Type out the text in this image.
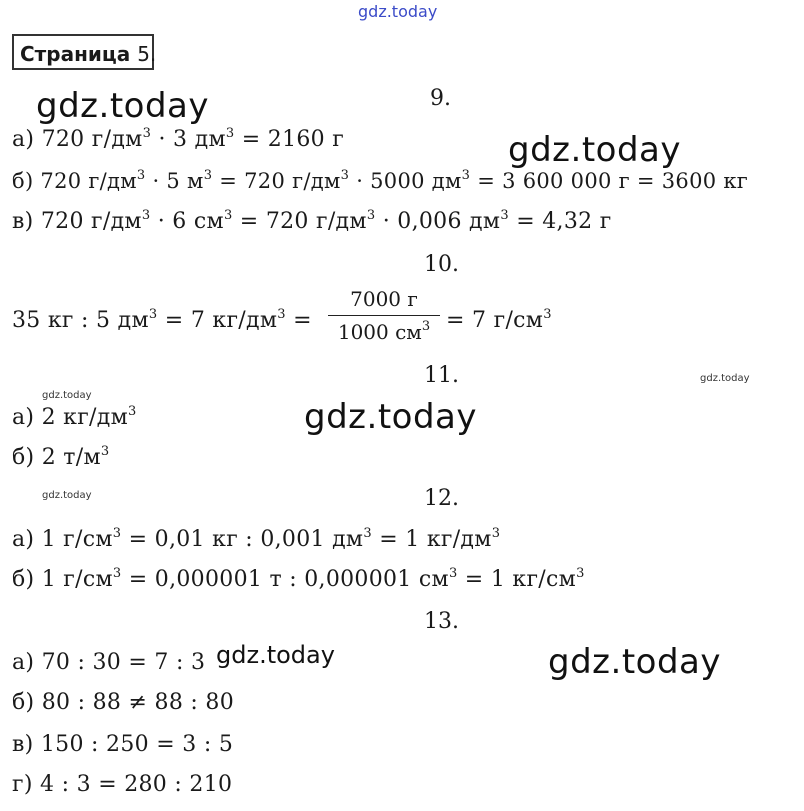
gdz.today
gdz.today
gdz.today
gdz.today
gdz.today
gdz.today
gdz.today
gdz.today
gdz.today
Страница 5.
9.
а) 720 $г/дм^3 \cdot 3$ $дм^3 = 2160$ г
б) 720 $г/дм^3 \cdot 5$ $м^3 = 720$ $г/дм^3 \cdot 5000$ $дм^3 = 3$ 600 000 г = 3600 кг
в) 720 $г/дм^3 \cdot 6$ $см^3 = 720$ $г/дм^3 \cdot 0,006$ $дм^3 = 4,32$ г
10.
35 кг : 5 $дм^3 = 7$ $кг/дм^3$ =
7000 г
1000 $см^3 = 7$ $г/см^3$
11.
а) 2 $кг/дм^3$
б) 2 $т/м^3$
12.
а) 1 $г/см^3 = 0,01$ кг : 0,001 $дм^3 = 1$ $кг/дм^3$
б) 1 $г/см^3 = 0,000001$ т : 0,000001 $см^3 = 1$ $кг/см^3$
13.
а) 70 : 30 = 7 : 3
б) 80 : 88 ≠ 88 : 80
в) 150 : 250 = 3 : 5
г) 4 : 3 = 280 : 210
